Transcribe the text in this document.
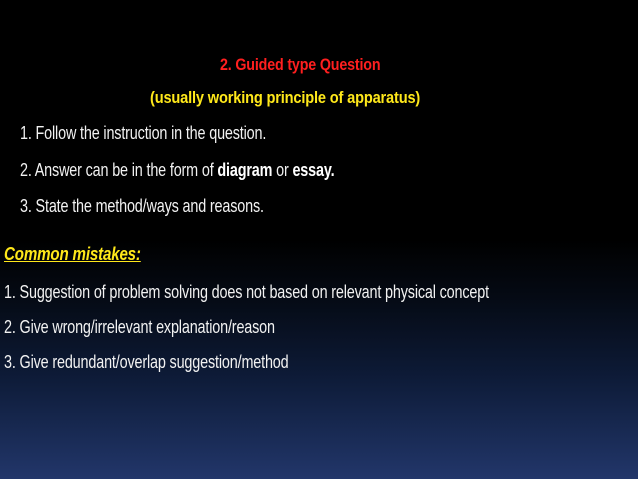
2. Guided type Question
(usually working principle of apparatus)
1. Follow the instruction in the question.
2. Answer can be in the form of diagram or essay.
3. State the method/ways and reasons.
Common mistakes:
1. Suggestion of problem solving does not based on relevant physical concept
2. Give wrong/irrelevant explanation/reason
3. Give redundant/overlap suggestion/method
